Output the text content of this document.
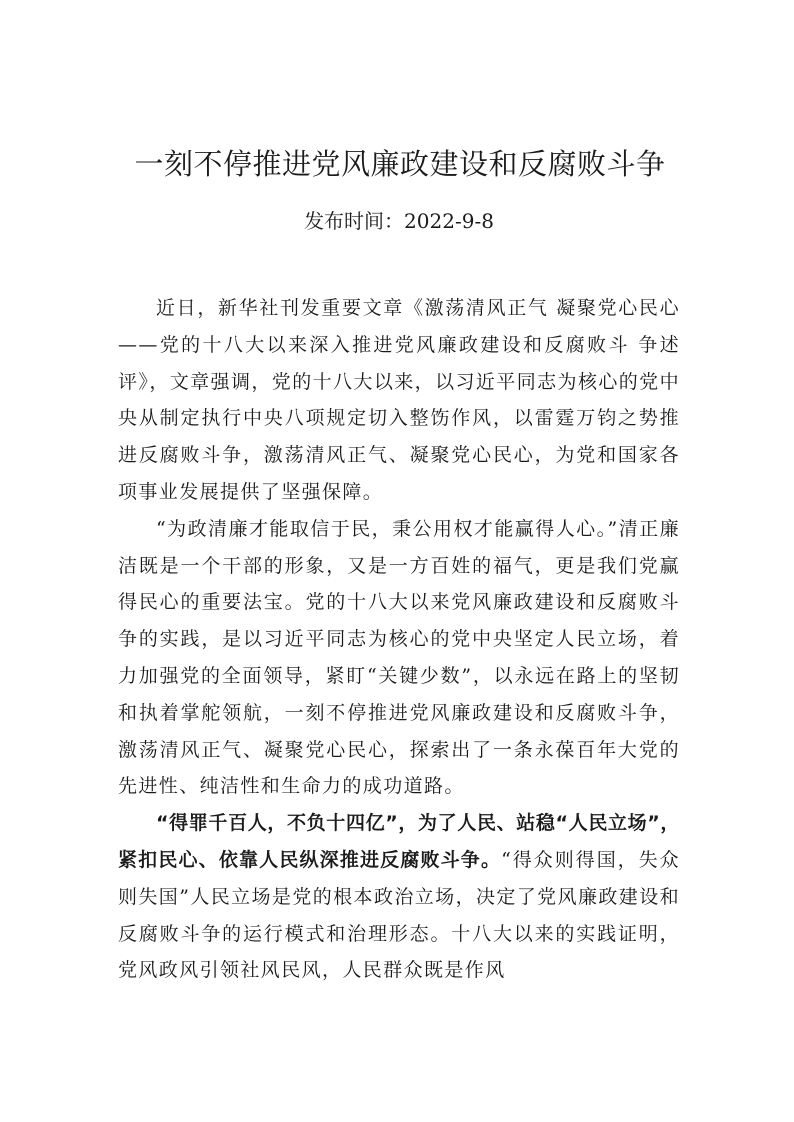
一刻不停推进党风廉政建设和反腐败斗争
发布时间：2022-9-8

近日，新华社刊发重要文章《激荡清风正气 凝聚党心民心——党的十八大以来深入推进党风廉政建设和反腐败斗 争述评》，文章强调，党的十八大以来，以习近平同志为核心的党中央从制定执行中央八项规定切入整饬作风，以雷霆万钧之势推进反腐败斗争，激荡清风正气、凝聚党心民心，为党和国家各项事业发展提供了坚强保障。

“为政清廉才能取信于民，秉公用权才能赢得人心。”清正廉洁既是一个干部的形象，又是一方百姓的福气，更是我们党赢得民心的重要法宝。党的十八大以来党风廉政建设和反腐败斗争的实践，是以习近平同志为核心的党中央坚定人民立场，着力加强党的全面领导，紧盯“关键少数”，以永远在路上的坚韧和执着掌舵领航，一刻不停推进党风廉政建设和反腐败斗争，激荡清风正气、凝聚党心民心，探索出了一条永葆百年大党的先进性、纯洁性和生命力的成功道路。

“得罪千百人，不负十四亿”，为了人民、站稳“人民立场”，紧扣民心、依靠人民纵深推进反腐败斗争。“得众则得国，失众则失国”人民立场是党的根本政治立场，决定了党风廉政建设和反腐败斗争的运行模式和治理形态。十八大以来的实践证明，党风政风引领社风民风，人民群众既是作风
